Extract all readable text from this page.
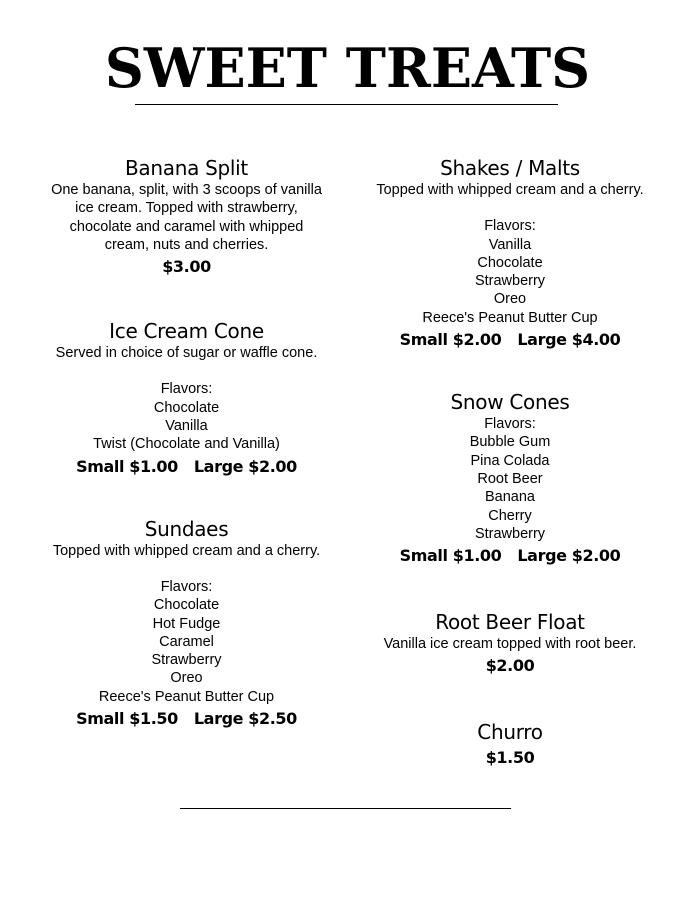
SWEET TREATS
Banana Split
One banana, split, with 3 scoops of vanilla
ice cream. Topped with strawberry,
chocolate and caramel with whipped
cream, nuts and cherries.
$3.00
Ice Cream Cone
Served in choice of sugar or waffle cone.
Flavors:
Chocolate
Vanilla
Twist (Chocolate and Vanilla)
Small $1.00 Large $2.00
Sundaes
Topped with whipped cream and a cherry.
Flavors:
Chocolate
Hot Fudge
Caramel
Strawberry
Oreo
Reece's Peanut Butter Cup
Small $1.50 Large $2.50
Shakes / Malts
Topped with whipped cream and a cherry.
Flavors:
Vanilla
Chocolate
Strawberry
Oreo
Reece's Peanut Butter Cup
Small $2.00 Large $4.00
Snow Cones
Flavors:
Bubble Gum
Pina Colada
Root Beer
Banana
Cherry
Strawberry
Small $1.00 Large $2.00
Root Beer Float
Vanilla ice cream topped with root beer.
$2.00
Churro
$1.50
